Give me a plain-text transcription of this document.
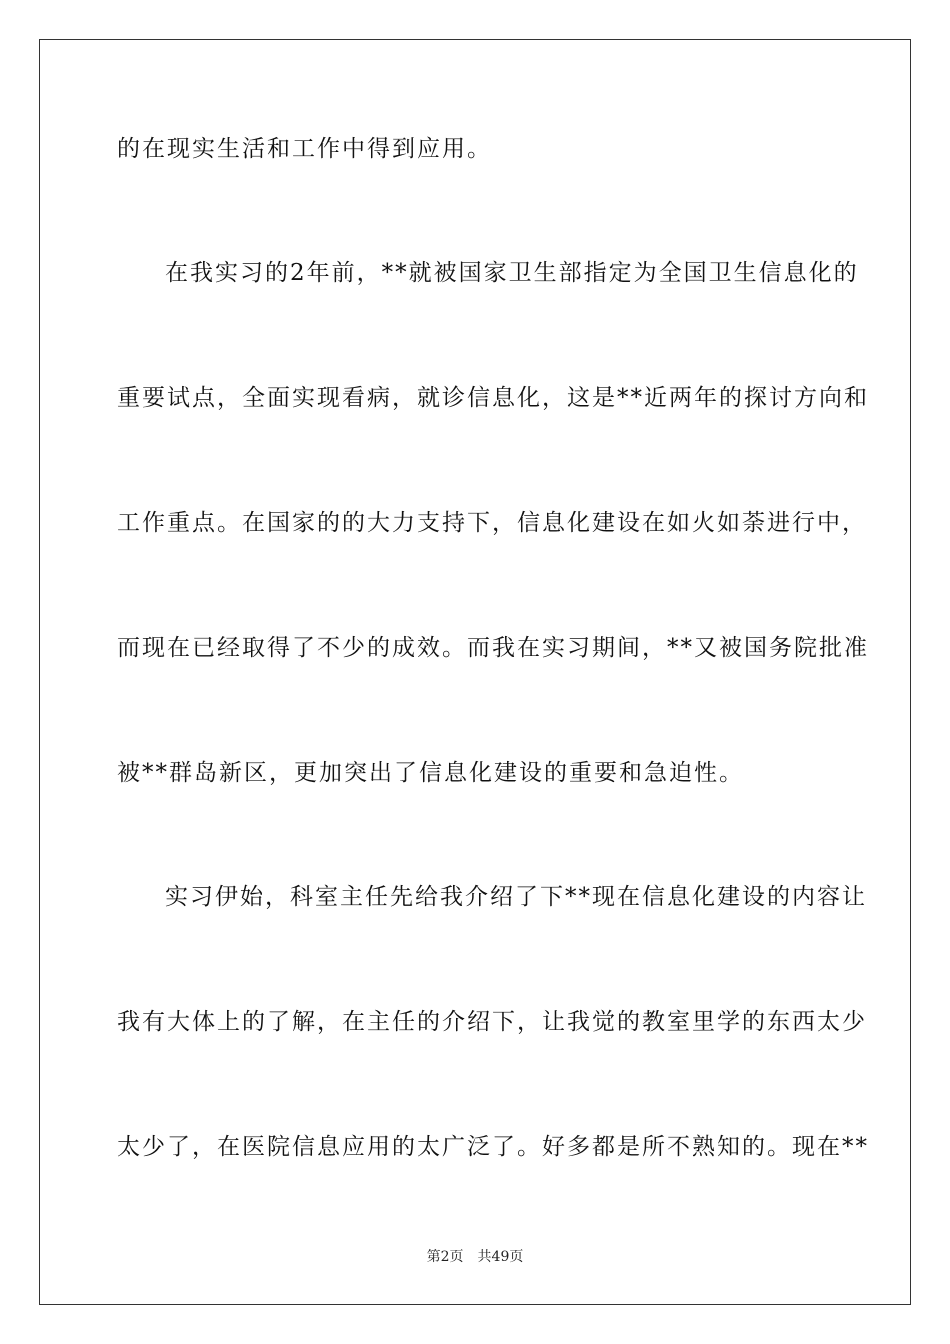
的在现实生活和工作中得到应用。
在我实习的2年前，**就被国家卫生部指定为全国卫生信息化的
重要试点，全面实现看病，就诊信息化，这是**近两年的探讨方向和
工作重点。在国家的的大力支持下，信息化建设在如火如荼进行中，
而现在已经取得了不少的成效。而我在实习期间，**又被国务院批准
被**群岛新区，更加突出了信息化建设的重要和急迫性。
实习伊始，科室主任先给我介绍了下**现在信息化建设的内容让
我有大体上的了解，在主任的介绍下，让我觉的教室里学的东西太少
太少了，在医院信息应用的太广泛了。好多都是所不熟知的。现在**
第2页 共49页
